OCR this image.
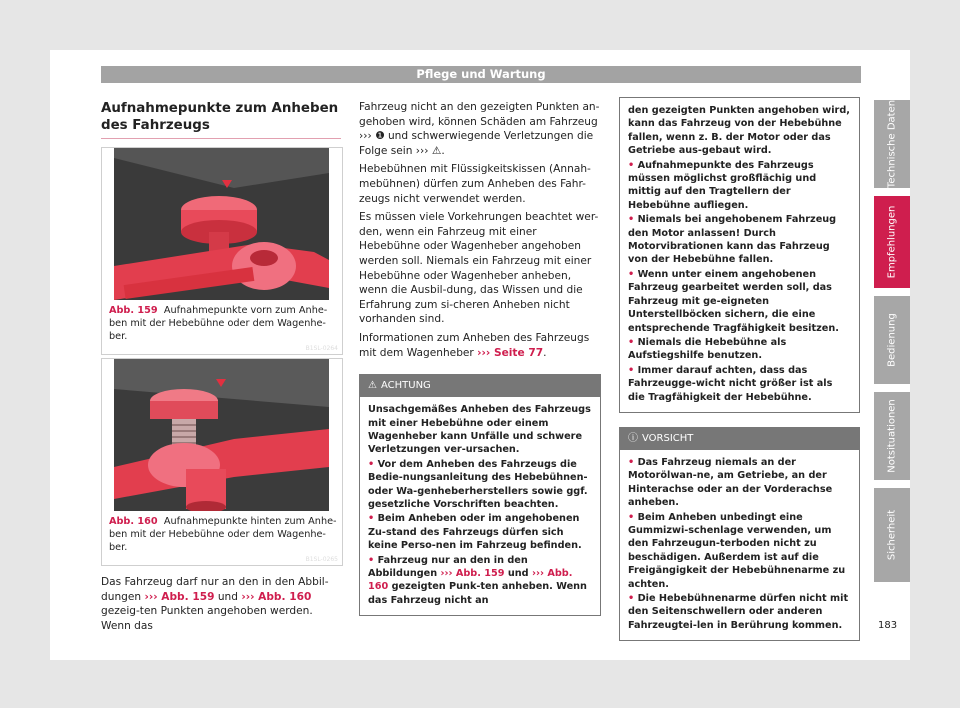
Pflege und Wartung
Aufnahmepunkte zum Anheben des Fahrzeugs
B1SL-0264
Abb. 159 Aufnahmepunkte vorn zum Anhe-ben mit der Hebebühne oder dem Wagenhe-ber.
B1SL-0265
Abb. 160 Aufnahmepunkte hinten zum Anhe-ben mit der Hebebühne oder dem Wagenhe-ber.
Das Fahrzeug darf nur an den in den Abbil-dungen ››› Abb. 159 und ››› Abb. 160 gezeig-ten Punkten angehoben werden. Wenn das

Fahrzeug nicht an den gezeigten Punkten an-gehoben wird, können Schäden am Fahrzeug ››› ❶ und schwerwiegende Verletzungen die Folge sein ››› ⚠.

Hebebühnen mit Flüssigkeitskissen (Annah-mebühnen) dürfen zum Anheben des Fahr-zeugs nicht verwendet werden.

Es müssen viele Vorkehrungen beachtet wer-den, wenn ein Fahrzeug mit einer Hebebühne oder Wagenheber angehoben werden soll. Niemals ein Fahrzeug mit einer Hebebühne oder Wagenheber anheben, wenn die Ausbil-dung, das Wissen und die Erfahrung zum si-cheren Anheben nicht vorhanden sind.

Informationen zum Anheben des Fahrzeugs mit dem Wagenheber ››› Seite 77.

⚠ ACHTUNG
Unsachgemäßes Anheben des Fahrzeugs mit einer Hebebühne oder einem Wagenheber kann Unfälle und schwere Verletzungen ver-ursachen.
• Vor dem Anheben des Fahrzeugs die Bedie-nungsanleitung des Hebebühnen-oder Wa-genheberherstellers sowie ggf. gesetzliche Vorschriften beachten.
• Beim Anheben oder im angehobenen Zu-stand des Fahrzeugs dürfen sich keine Perso-nen im Fahrzeug befinden.
• Fahrzeug nur an den in den Abbildungen ››› Abb. 159 und ››› Abb. 160 gezeigten Punk-ten anheben. Wenn das Fahrzeug nicht an
den gezeigten Punkten angehoben wird, kann das Fahrzeug von der Hebebühne fallen, wenn z. B. der Motor oder das Getriebe aus-gebaut wird.
• Aufnahmepunkte des Fahrzeugs müssen möglichst großflächig und mittig auf den Tragtellern der Hebebühne aufliegen.
• Niemals bei angehobenem Fahrzeug den Motor anlassen! Durch Motorvibrationen kann das Fahrzeug von der Hebebühne fallen.
• Wenn unter einem angehobenen Fahrzeug gearbeitet werden soll, das Fahrzeug mit ge-eigneten Unterstellböcken sichern, die eine entsprechende Tragfähigkeit besitzen.
• Niemals die Hebebühne als Aufstiegshilfe benutzen.
• Immer darauf achten, dass das Fahrzeugge-wicht nicht größer ist als die Tragfähigkeit der Hebebühne.
ⓘ VORSICHT
• Das Fahrzeug niemals an der Motorölwan-ne, am Getriebe, an der Hinterachse oder an der Vorderachse anheben.
• Beim Anheben unbedingt eine Gummizwi-schenlage verwenden, um den Fahrzeugun-terboden nicht zu beschädigen. Außerdem ist auf die Freigängigkeit der Hebebühnenarme zu achten.
• Die Hebebühnenarme dürfen nicht mit den Seitenschwellern oder anderen Fahrzeugtei-len in Berührung kommen.
Technische Daten
Empfehlungen
Bedienung
Notsituationen
Sicherheit
183
